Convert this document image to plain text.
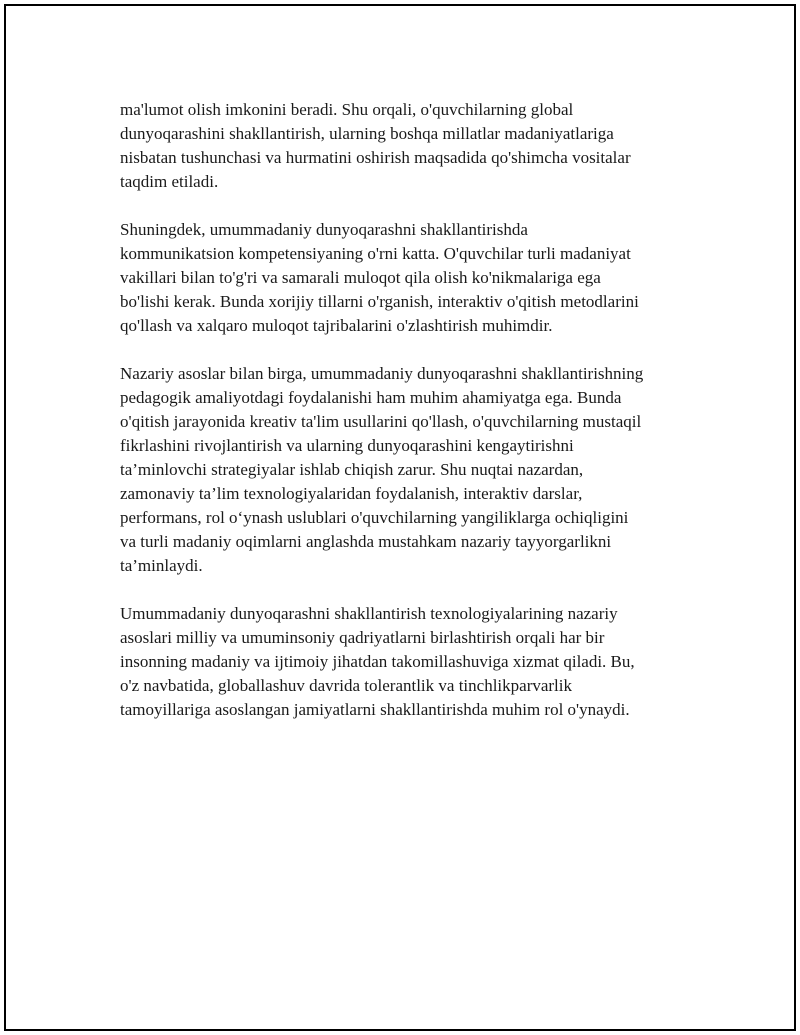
ma'lumot olish imkonini beradi. Shu orqali, o'quvchilarning global
dunyoqarashini shakllantirish, ularning boshqa millatlar madaniyatlariga
nisbatan tushunchasi va hurmatini oshirish maqsadida qo'shimcha vositalar
taqdim etiladi.

Shuningdek, umummadaniy dunyoqarashni shakllantirishda
kommunikatsion kompetensiyaning o'rni katta. O'quvchilar turli madaniyat
vakillari bilan to'g'ri va samarali muloqot qila olish ko'nikmalariga ega
bo'lishi kerak. Bunda xorijiy tillarni o'rganish, interaktiv o'qitish metodlarini
qo'llash va xalqaro muloqot tajribalarini o'zlashtirish muhimdir.

Nazariy asoslar bilan birga, umummadaniy dunyoqarashni shakllantirishning
pedagogik amaliyotdagi foydalanishi ham muhim ahamiyatga ega. Bunda
o'qitish jarayonida kreativ ta'lim usullarini qo'llash, o'quvchilarning mustaqil
fikrlashini rivojlantirish va ularning dunyoqarashini kengaytirishni
ta’minlovchi strategiyalar ishlab chiqish zarur. Shu nuqtai nazardan,
zamonaviy ta’lim texnologiyalaridan foydalanish, interaktiv darslar,
performans, rol o‘ynash uslublari o'quvchilarning yangiliklarga ochiqligini
va turli madaniy oqimlarni anglashda mustahkam nazariy tayyorgarlikni
ta’minlaydi.

Umummadaniy dunyoqarashni shakllantirish texnologiyalarining nazariy
asoslari milliy va umuminsoniy qadriyatlarni birlashtirish orqali har bir
insonning madaniy va ijtimoiy jihatdan takomillashuviga xizmat qiladi. Bu,
o'z navbatida, globallashuv davrida tolerantlik va tinchlikparvarlik
tamoyillariga asoslangan jamiyatlarni shakllantirishda muhim rol o'ynaydi.
